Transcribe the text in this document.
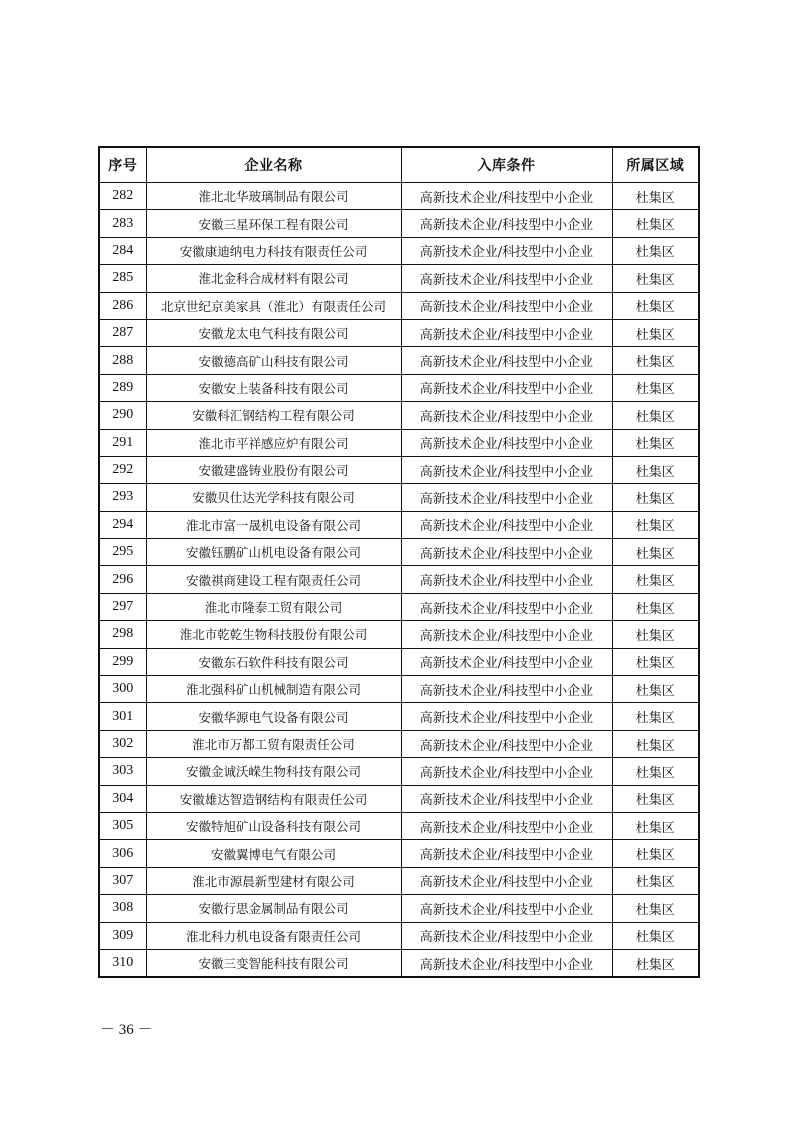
序号	企业名称	入库条件	所属区域
282	淮北北华玻璃制品有限公司	高新技术企业/科技型中小企业	杜集区
283	安徽三星环保工程有限公司	高新技术企业/科技型中小企业	杜集区
284	安徽康迪纳电力科技有限责任公司	高新技术企业/科技型中小企业	杜集区
285	淮北金科合成材料有限公司	高新技术企业/科技型中小企业	杜集区
286	北京世纪京美家具（淮北）有限责任公司	高新技术企业/科技型中小企业	杜集区
287	安徽龙太电气科技有限公司	高新技术企业/科技型中小企业	杜集区
288	安徽德高矿山科技有限公司	高新技术企业/科技型中小企业	杜集区
289	安徽安上装备科技有限公司	高新技术企业/科技型中小企业	杜集区
290	安徽科汇钢结构工程有限公司	高新技术企业/科技型中小企业	杜集区
291	淮北市平祥感应炉有限公司	高新技术企业/科技型中小企业	杜集区
292	安徽建盛铸业股份有限公司	高新技术企业/科技型中小企业	杜集区
293	安徽贝仕达光学科技有限公司	高新技术企业/科技型中小企业	杜集区
294	淮北市富一晟机电设备有限公司	高新技术企业/科技型中小企业	杜集区
295	安徽钰鹏矿山机电设备有限公司	高新技术企业/科技型中小企业	杜集区
296	安徽祺商建设工程有限责任公司	高新技术企业/科技型中小企业	杜集区
297	淮北市隆泰工贸有限公司	高新技术企业/科技型中小企业	杜集区
298	淮北市乾乾生物科技股份有限公司	高新技术企业/科技型中小企业	杜集区
299	安徽东石软件科技有限公司	高新技术企业/科技型中小企业	杜集区
300	淮北强科矿山机械制造有限公司	高新技术企业/科技型中小企业	杜集区
301	安徽华源电气设备有限公司	高新技术企业/科技型中小企业	杜集区
302	淮北市万都工贸有限责任公司	高新技术企业/科技型中小企业	杜集区
303	安徽金诚沃嵘生物科技有限公司	高新技术企业/科技型中小企业	杜集区
304	安徽雄达智造钢结构有限责任公司	高新技术企业/科技型中小企业	杜集区
305	安徽特旭矿山设备科技有限公司	高新技术企业/科技型中小企业	杜集区
306	安徽翼博电气有限公司	高新技术企业/科技型中小企业	杜集区
307	淮北市源晨新型建材有限公司	高新技术企业/科技型中小企业	杜集区
308	安徽行思金属制品有限公司	高新技术企业/科技型中小企业	杜集区
309	淮北科力机电设备有限责任公司	高新技术企业/科技型中小企业	杜集区
310	安徽三变智能科技有限公司	高新技术企业/科技型中小企业	杜集区
－ 36 －
